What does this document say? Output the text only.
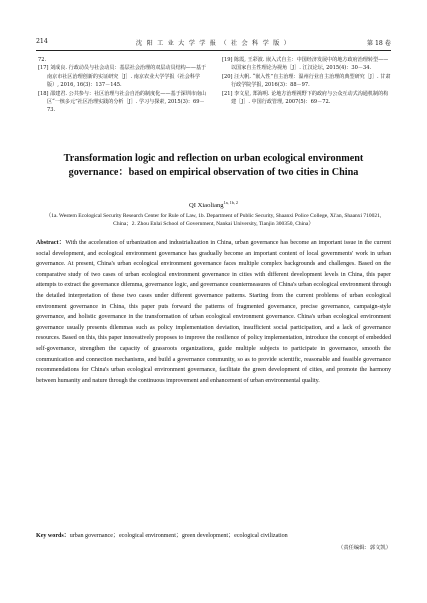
214	沈 阳 工 业 大 学 学 报 （ 社 会 科 学 版 ）	第 18 卷

72.

[17] 刘成良. 行政动员与社会动员：基层社会治理的双层动员结构——基于南京市社区治理创新的实证研究［J］. 南京农业大学学报（社会科学版）, 2016, 16(3)：137－145.

[18] 邵建君. 公共参与：社区治理与社会自治的制度化——基于深圳市南山区“一核多元”社区治理实践的分析［J］. 学习与探索, 2015(3)：69－73.

[19] 陈霞, 王彩波. 嵌入式自主：中国经济发展中的地方政府治理转型——以国家自主性理论为视角［J］. 江汉论坛, 2015(4)：30－34.

[20] 汪大帆. “嵌入性”自主治理：温州行业自主治理的典型研究［J］. 甘肃行政学院学报, 2016(3)：88－97.

[21] 李文星, 郑海明. 论地方治理视野下的政府与公众互动式沟通机制的构建［J］. 中国行政管理, 2007(5)：69－72.

Transformation logic and reflection on urban ecological environment governance：based on empirical observation of two cities in China
QI Xiaoliang$^{1a, 1b, 2}$
（1a. Western Ecological Security Research Center for Rule of Law, 1b. Department of Public Security, Shaanxi Police College, Xi'an, Shaanxi 710021, China；2. Zhou Enlai School of Government, Nankai University, Tianjin 300350, China）
Abstract：With the acceleration of urbanization and industrialization in China, urban governance has become an important issue in the current social development, and ecological environment governance has gradually become an important content of local governments' work in urban governance. At present, China's urban ecological environment governance faces multiple complex backgrounds and challenges. Based on the comparative study of two cases of urban ecological environment governance in cities with different development levels in China, this paper attempts to extract the governance dilemma, governance logic, and governance countermeasures of China's urban ecological environment through the detailed interpretation of these two cases under different governance patterns. Starting from the current problems of urban ecological environment governance in China, this paper puts forward the patterns of fragmented governance, precise governance, campaign-style governance, and holistic governance in the transformation of urban ecological environment governance. China's urban ecological environment governance usually presents dilemmas such as policy implementation deviation, insufficient social participation, and a lack of governance resources. Based on this, this paper innovatively proposes to improve the resilience of policy implementation, introduce the concept of embedded self-governance, strengthen the capacity of grassroots organizations, guide multiple subjects to participate in governance, smooth the communication and connection mechanisms, and build a governance community, so as to provide scientific, reasonable and feasible governance recommendations for China's urban ecological environment governance, facilitate the green development of cities, and promote the harmony between humanity and nature through the continuous improvement and enhancement of urban environmental quality.
Key words：urban governance；ecological environment；green development；ecological civilization
（责任编辑：郭文凯）
